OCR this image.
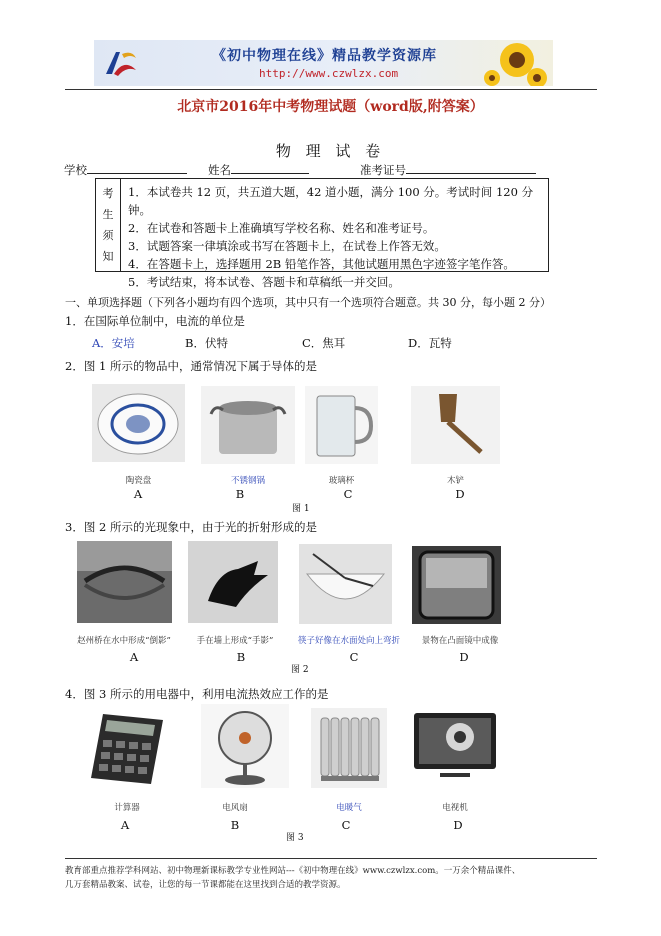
《初中物理在线》精品教学资源库
http://www.czwlzx.com
北京市2016年中考物理试题（word版,附答案）
物 理 试 卷
学校	姓名	准考证号
考
生
须
知
1．本试卷共 12 页，共五道大题，42 道小题，满分 100 分。考试时间 120 分钟。
2．在试卷和答题卡上准确填写学校名称、姓名和准考证号。
3．试题答案一律填涂或书写在答题卡上，在试卷上作答无效。
4．在答题卡上，选择题用 2B 铅笔作答，其他试题用黑色字迹签字笔作答。
5．考试结束，将本试卷、答题卡和草稿纸一并交回。
一、单项选择题（下列各小题均有四个选项，其中只有一个选项符合题意。共 30 分，每小题 2 分）
1．在国际单位制中，电流的单位是
A．安培	B．伏特	C．焦耳	D．瓦特
2．图 1 所示的物品中，通常情况下属于导体的是
陶瓷盘	不锈钢锅	玻璃杯	木铲
A	B	C	D
图 1
3．图 2 所示的光现象中，由于光的折射形成的是
赵州桥在水中形成“倒影”	手在墙上形成“手影”	筷子好像在水面处向上弯折	景物在凸面镜中成像
A	B	C	D
图 2
4．图 3 所示的用电器中，利用电流热效应工作的是
计算器	电风扇	电暖气	电视机
A	B	C	D
图 3
教育部重点推荐学科网站、初中物理新课标教学专业性网站---《初中物理在线》www.czwlzx.com。一万余个精品课件、
几万套精品教案、试卷，让您的每一节课都能在这里找到合适的教学资源。
